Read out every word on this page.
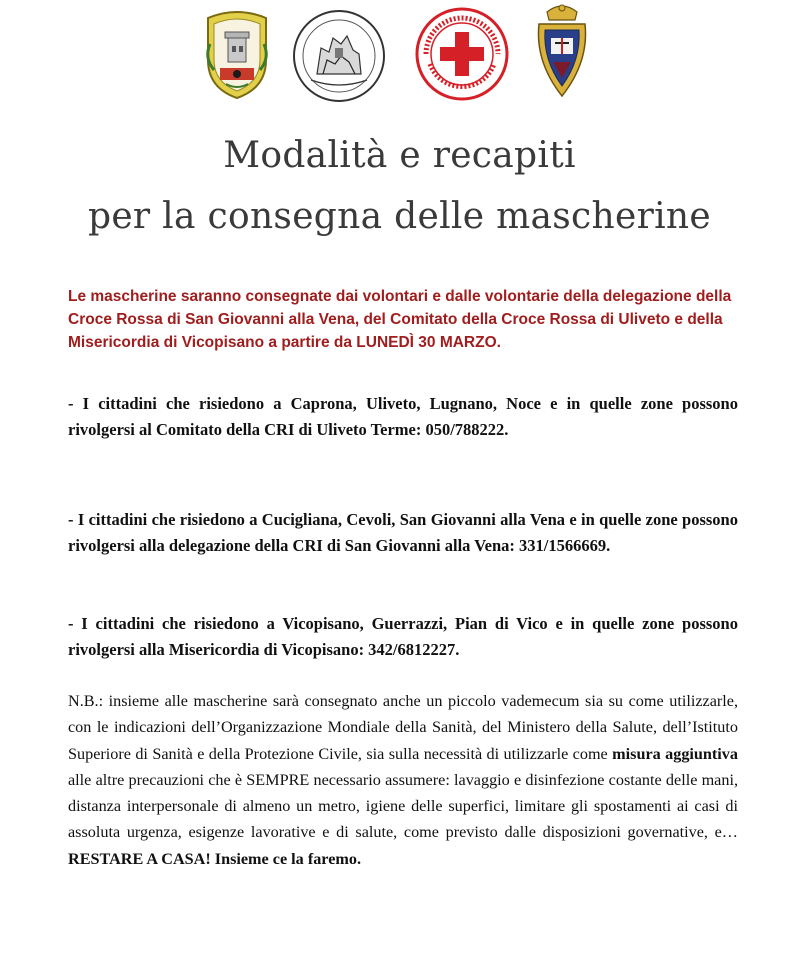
Modalità e recapiti
per la consegna delle mascherine

Le mascherine saranno consegnate dai volontari e dalle volontarie della delegazione della Croce Rossa di San Giovanni alla Vena, del Comitato della Croce Rossa di Uliveto e della Misericordia di Vicopisano a partire da LUNEDÌ 30 MARZO.

- I cittadini che risiedono a Caprona, Uliveto, Lugnano, Noce e in quelle zone possono rivolgersi al Comitato della CRI di Uliveto Terme: 050/788222.

- I cittadini che risiedono a Cucigliana, Cevoli, San Giovanni alla Vena e in quelle zone possono rivolgersi alla delegazione della CRI di San Giovanni alla Vena: 331/1566669.

- I cittadini che risiedono a Vicopisano, Guerrazzi, Pian di Vico e in quelle zone possono rivolgersi alla Misericordia di Vicopisano: 342/6812227.

N.B.: insieme alle mascherine sarà consegnato anche un piccolo vademecum sia su come utilizzarle, con le indicazioni dell’Organizzazione Mondiale della Sanità, del Ministero della Salute, dell’Istituto Superiore di Sanità e della Protezione Civile, sia sulla necessità di utilizzarle come misura aggiuntiva alle altre precauzioni che è SEMPRE necessario assumere: lavaggio e disinfezione costante delle mani, distanza interpersonale di almeno un metro, igiene delle superfici, limitare gli spostamenti ai casi di assoluta urgenza, esigenze lavorative e di salute, come previsto dalle disposizioni governative, e… RESTARE A CASA! Insieme ce la faremo.
